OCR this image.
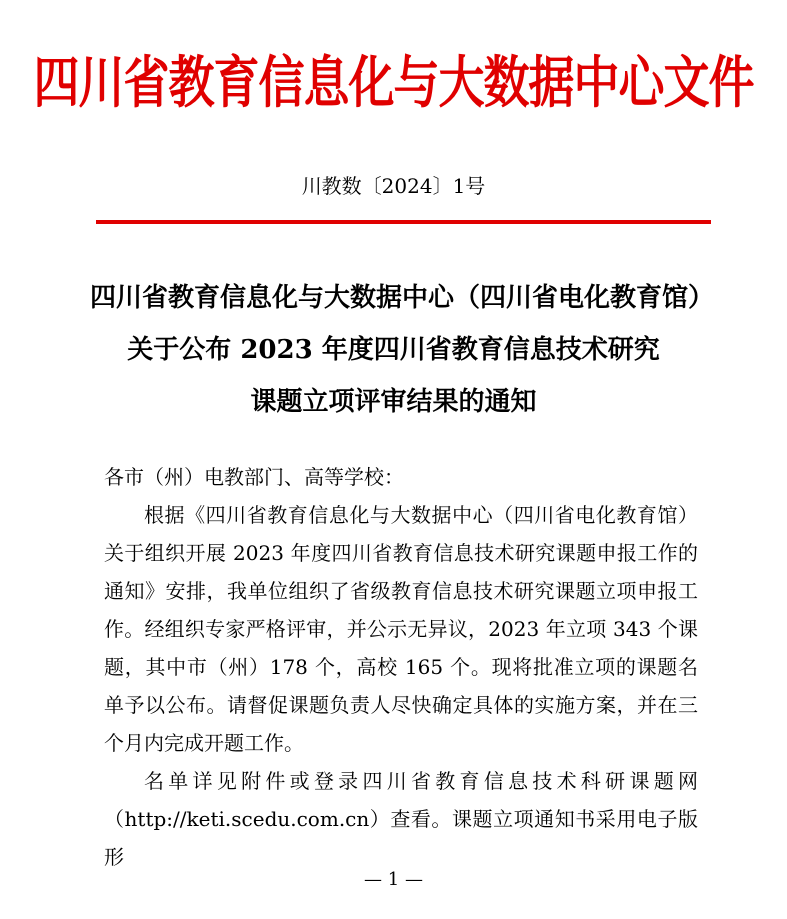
四川省教育信息化与大数据中心文件
川教数〔2024〕1号
四川省教育信息化与大数据中心（四川省电化教育馆）
关于公布 2023 年度四川省教育信息技术研究
课题立项评审结果的通知

各市（州）电教部门、高等学校：

根据《四川省教育信息化与大数据中心（四川省电化教育馆）关于组织开展 2023 年度四川省教育信息技术研究课题申报工作的通知》安排，我单位组织了省级教育信息技术研究课题立项申报工作。经组织专家严格评审，并公示无异议，2023 年立项 343 个课题，其中市（州）178 个，高校 165 个。现将批准立项的课题名单予以公布。请督促课题负责人尽快确定具体的实施方案，并在三个月内完成开题工作。

名单详见附件或登录四川省教育信息技术科研课题网（http://keti.scedu.com.cn）查看。课题立项通知书采用电子版形

— 1 —
